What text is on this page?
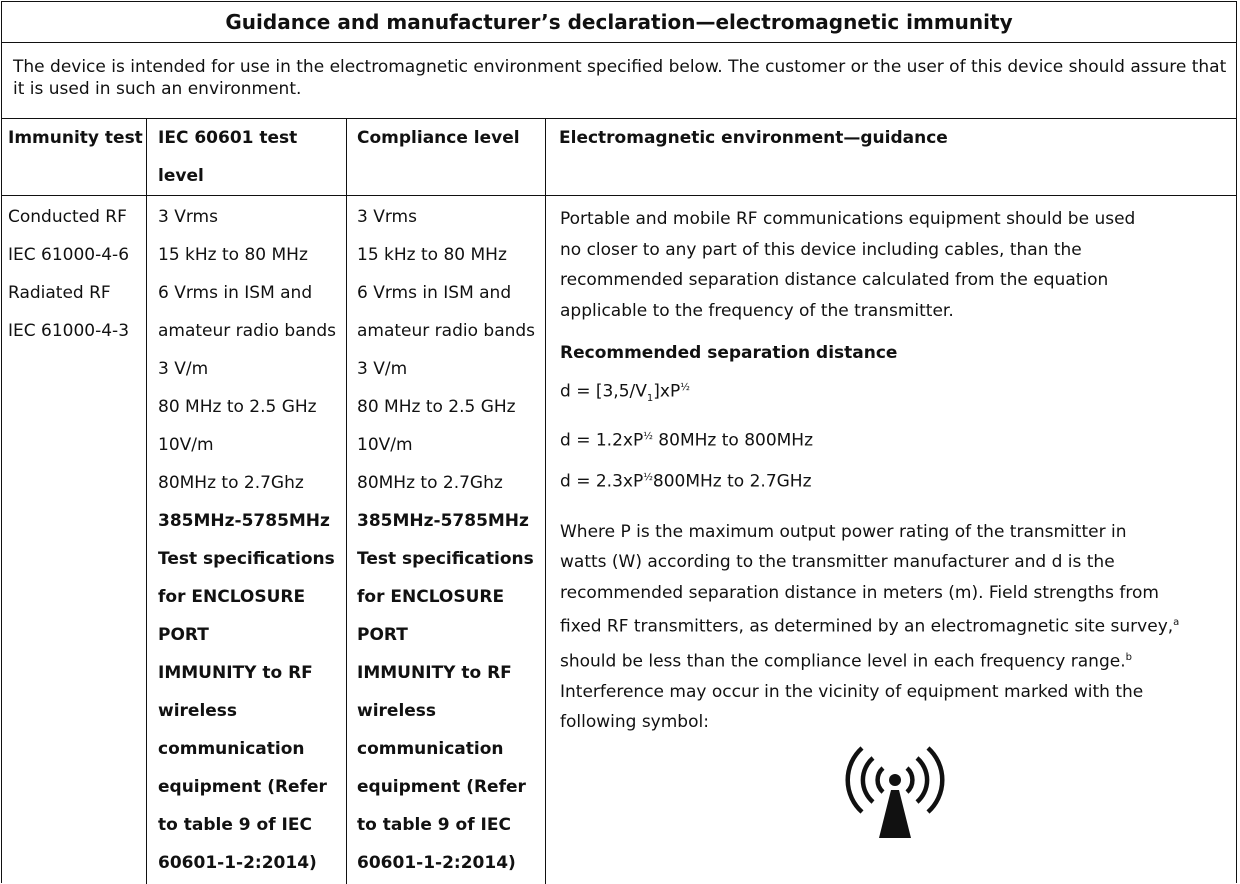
Guidance and manufacturer’s declaration—electromagnetic immunity
The device is intended for use in the electromagnetic environment specified below. The customer or the user of this device should assure that it is used in such an environment.
Immunity test IEC 60601 test
level
Compliance level Electromagnetic environment—guidance
Conducted RF
IEC 61000-4-6
Radiated RF
IEC 61000-4-3
3 Vrms
15 kHz to 80 MHz
6 Vrms in ISM and
amateur radio bands
3 V/m
80 MHz to 2.5 GHz
10V/m
80MHz to 2.7Ghz
385MHz-5785MHz
Test specifications
for ENCLOSURE
PORT
IMMUNITY to RF
wireless
communication
equipment (Refer
to table 9 of IEC
60601-1-2:2014)
3 Vrms
15 kHz to 80 MHz
6 Vrms in ISM and
amateur radio bands
3 V/m
80 MHz to 2.5 GHz
10V/m
80MHz to 2.7Ghz
385MHz-5785MHz
Test specifications
for ENCLOSURE
PORT
IMMUNITY to RF
wireless
communication
equipment (Refer
to table 9 of IEC
60601-1-2:2014)

Portable and mobile RF communications equipment should be used

no closer to any part of this device including cables, than the

recommended separation distance calculated from the equation

applicable to the frequency of the transmitter.

Recommended separation distance

$d = [3,5/V_1]xP^{\frac{1}{2}}$

$d = 1.2xP^{\frac{1}{2}}$ 80MHz to 800MHz

$d = 2.3xP^{\frac{1}{2}}800MHz$ to 2.7GHz

Where P is the maximum output power rating of the transmitter in

watts (W) according to the transmitter manufacturer and d is the

recommended separation distance in meters (m). Field strengths from

fixed RF transmitters, as determined by an electromagnetic site survey,$^a$

should be less than the compliance level in each frequency range.$^b$

Interference may occur in the vicinity of equipment marked with the

following symbol:
